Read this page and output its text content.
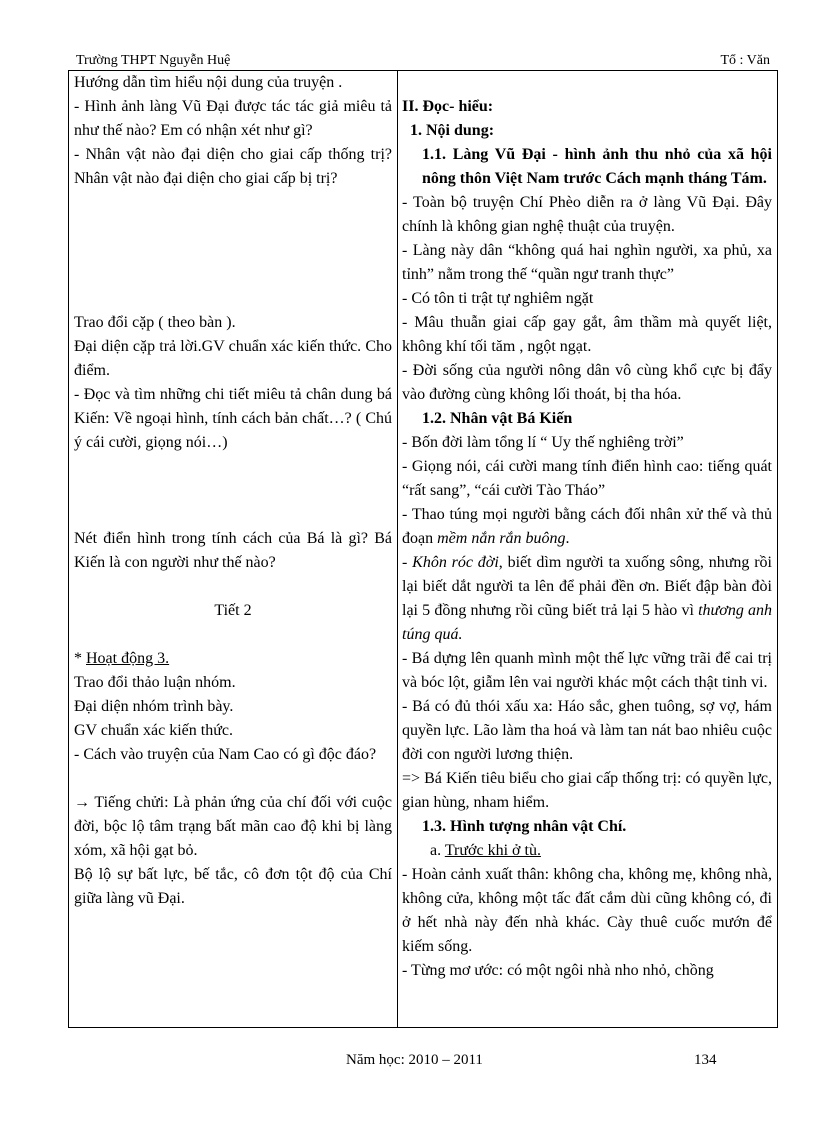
Trường THPT Nguyễn Huệ	Tổ : Văn

Hướng dẫn tìm hiểu nội dung của truyện .

- Hình ảnh làng Vũ Đại được tác tác giả miêu tả như thế nào? Em có nhận xét như gì?

- Nhân vật nào đại diện cho giai cấp thống trị? Nhân vật nào đại diện cho giai cấp bị trị?

Trao đổi cặp ( theo bàn ).

Đại diện cặp trả lời.GV chuẩn xác kiến thức. Cho điểm.

- Đọc và tìm những chi tiết miêu tả chân dung bá Kiến: Về ngoại hình, tính cách bản chất…? ( Chú ý cái cười, giọng nói…)

Nét điển hình trong tính cách của Bá là gì? Bá Kiến là con người như thế nào?

Tiết 2

* Hoạt động 3.

Trao đổi thảo luận nhóm.

Đại diện nhóm trình bày.

GV chuẩn xác kiến thức.

- Cách vào truyện của Nam Cao có gì độc đáo?

→ Tiếng chửi: Là phản ứng của chí đối với cuộc đời, bộc lộ tâm trạng bất mãn cao độ khi bị làng xóm, xã hội gạt bỏ.

Bộ lộ sự bất lực, bế tắc, cô đơn tột độ của Chí giữa làng vũ Đại.

II. Đọc- hiểu:

1. Nội dung:

1.1. Làng Vũ Đại - hình ảnh thu nhỏ của xã hội nông thôn Việt Nam trước Cách mạnh tháng Tám.

- Toàn bộ truyện Chí Phèo diễn ra ở làng Vũ Đại. Đây chính là không gian nghệ thuật của truyện.

- Làng này dân “không quá hai nghìn người, xa phủ, xa tỉnh” nằm trong thế “quần ngư tranh thực”

- Có tôn ti trật tự nghiêm ngặt

- Mâu thuẫn giai cấp gay gắt, âm thầm mà quyết liệt, không khí tối tăm , ngột ngạt.

- Đời sống của người nông dân vô cùng khổ cực bị đẩy vào đường cùng không lối thoát, bị tha hóa.

1.2. Nhân vật Bá Kiến

- Bốn đời làm tổng lí “ Uy thế nghiêng trời”

- Giọng nói, cái cười mang tính điển hình cao: tiếng quát “rất sang”, “cái cười Tào Tháo”

- Thao túng mọi người bằng cách đối nhân xử thế và thủ đoạn mềm nắn rắn buông.

- Khôn róc đời, biết dìm người ta xuống sông, nhưng rồi lại biết dắt người ta lên để phải đền ơn. Biết đập bàn đòi lại 5 đồng nhưng rồi cũng biết trả lại 5 hào vì thương anh túng quá.

- Bá dựng lên quanh mình một thế lực vững trãi để cai trị và bóc lột, giẫm lên vai người khác một cách thật tinh vi.

- Bá có đủ thói xấu xa: Háo sắc, ghen tuông, sợ vợ, hám quyền lực. Lão làm tha hoá và làm tan nát bao nhiêu cuộc đời con người lương thiện.

=> Bá Kiến tiêu biểu cho giai cấp thống trị: có quyền lực, gian hùng, nham hiểm.

1.3. Hình tượng nhân vật Chí.

a. Trước khi ở tù.

- Hoàn cảnh xuất thân: không cha, không mẹ, không nhà, không cửa, không một tấc đất cắm dùi cũng không có, đi ở hết nhà này đến nhà khác. Cày thuê cuốc mướn để kiếm sống.

- Từng mơ ước: có một ngôi nhà nho nhỏ, chồng

Năm học: 2010 – 2011	134
